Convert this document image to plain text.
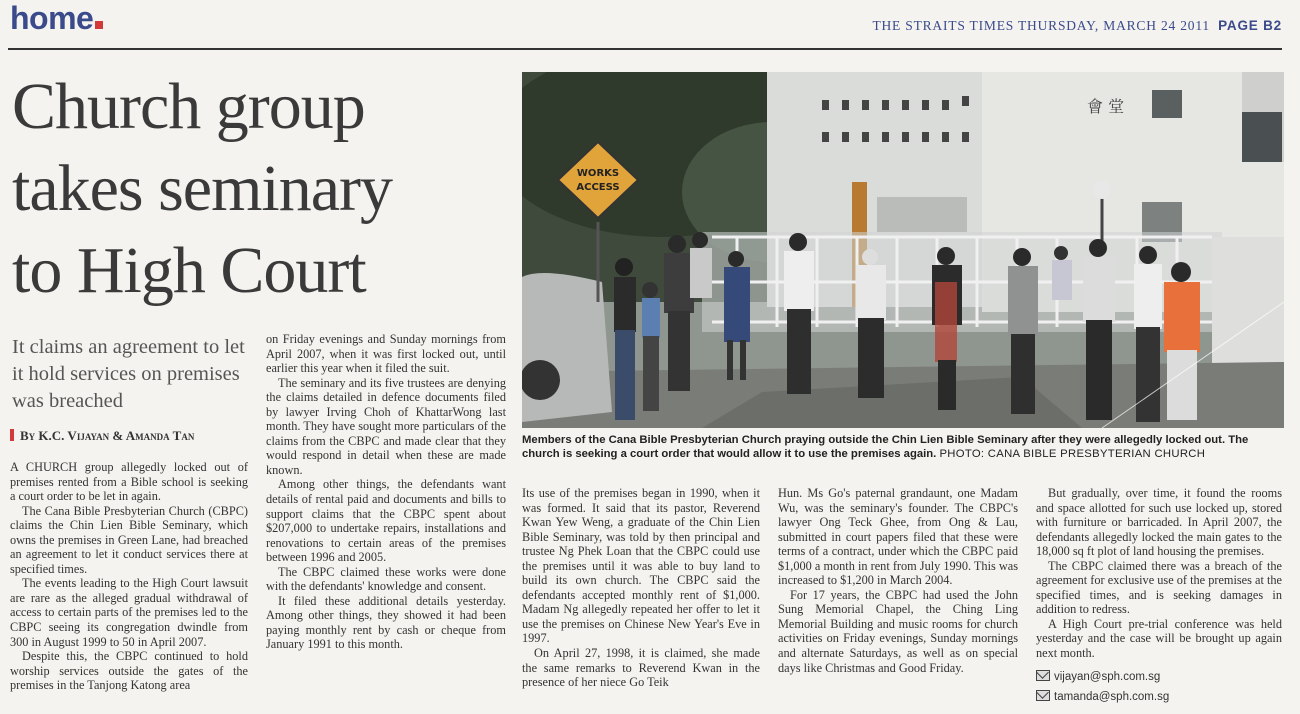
home	THE STRAITS TIMES THURSDAY, MARCH 24 2011 PAGE B2
Church group
takes seminary
to High Court
It claims an agreement to let it hold services on premises was breached
By K.C. Vijayan & Amanda Tan

A CHURCH group allegedly locked out of premises rented from a Bible school is seeking a court order to be let in again.

The Cana Bible Presbyterian Church (CBPC) claims the Chin Lien Bible Seminary, which owns the premises in Green Lane, had breached an agreement to let it conduct services there at specified times.

The events leading to the High Court lawsuit are rare as the alleged gradual withdrawal of access to certain parts of the premises led to the CBPC seeing its congregation dwindle from 300 in August 1999 to 50 in April 2007.

Despite this, the CBPC continued to hold worship services outside the gates of the premises in the Tanjong Katong area

on Friday evenings and Sunday mornings from April 2007, when it was first locked out, until earlier this year when it filed the suit.

The seminary and its five trustees are denying the claims detailed in defence documents filed by lawyer Irving Choh of KhattarWong last month. They have sought more particulars of the claims from the CBPC and made clear that they would respond in detail when these are made known.

Among other things, the defendants want details of rental paid and documents and bills to support claims that the CBPC spent about $207,000 to undertake repairs, installations and renovations to certain areas of the premises between 1996 and 2005.

The CBPC claimed these works were done with the defendants' knowledge and consent.

It filed these additional details yesterday. Among other things, they showed it had been paying monthly rent by cash or cheque from January 1991 to this month.

會 堂
WORKS
ACCESS
Members of the Cana Bible Presbyterian Church praying outside the Chin Lien Bible Seminary after they were allegedly locked out. The church is seeking a court order that would allow it to use the premises again. PHOTO: CANA BIBLE PRESBYTERIAN CHURCH

Its use of the premises began in 1990, when it was formed. It said that its pastor, Reverend Kwan Yew Weng, a graduate of the Chin Lien Bible Seminary, was told by then principal and trustee Ng Phek Loan that the CBPC could use the premises until it was able to buy land to build its own church. The CBPC said the defendants accepted monthly rent of $1,000. Madam Ng allegedly repeated her offer to let it use the premises on Chinese New Year's Eve in 1997.

On April 27, 1998, it is claimed, she made the same remarks to Reverend Kwan in the presence of her niece Go Teik

Hun. Ms Go's paternal grandaunt, one Madam Wu, was the seminary's founder. The CBPC's lawyer Ong Teck Ghee, from Ong & Lau, submitted in court papers filed that these were terms of a contract, under which the CBPC paid $1,000 a month in rent from July 1990. This was increased to $1,200 in March 2004.

For 17 years, the CBPC had used the John Sung Memorial Chapel, the Ching Ling Memorial Building and music rooms for church activities on Friday evenings, Sunday mornings and alternate Saturdays, as well as on special days like Christmas and Good Friday.

But gradually, over time, it found the rooms and space allotted for such use locked up, stored with furniture or barricaded. In April 2007, the defendants allegedly locked the main gates to the 18,000 sq ft plot of land housing the premises.

The CBPC claimed there was a breach of the agreement for exclusive use of the premises at the specified times, and is seeking damages in addition to redress.

A High Court pre-trial conference was held yesterday and the case will be brought up again next month.

vijayan@sph.com.sg
tamanda@sph.com.sg
